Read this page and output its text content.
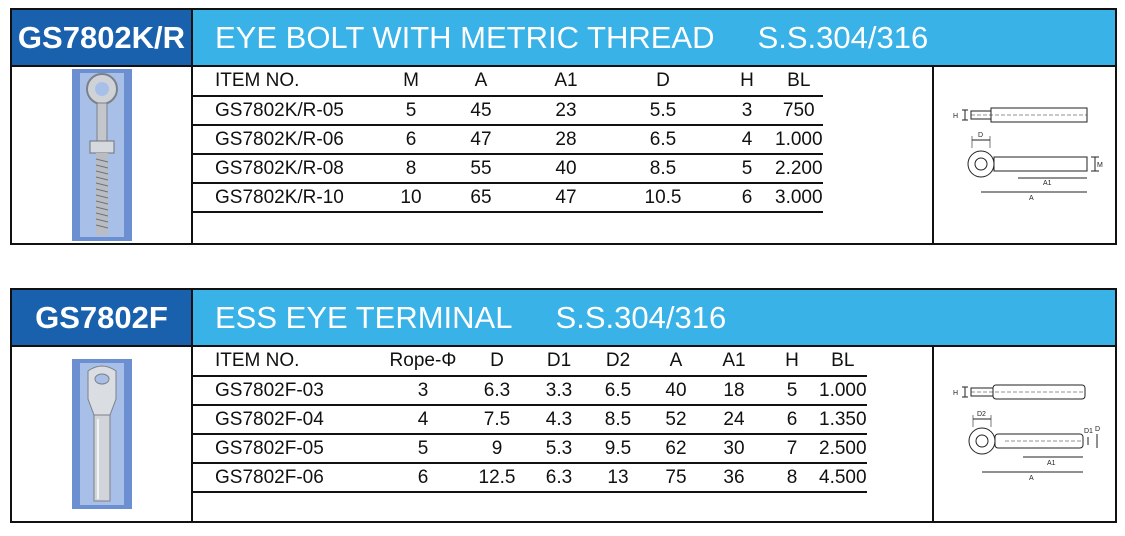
GS7802K/R EYE BOLT WITH METRIC THREAD
S.S.304/316
ITEM NO.	M	A	A1	D	H	BL
GS7802K/R-05	5	45	23	5.5	3	750
GS7802K/R-06	6	47	28	6.5	4	1.000
GS7802K/R-08	8	55	40	8.5	5	2.200
GS7802K/R-10	10	65	47	10.5	6	3.000
H
D
M
A1
A
GS7802F	ESS EYE TERMINAL
S.S.304/316
ITEM NO.	Rope-Φ	D	D1	D2	A	A1	H	BL
GS7802F-03	3	6.3	3.3	6.5	40	18	5	1.000
GS7802F-04	4	7.5	4.3	8.5	52	24	6	1.350
GS7802F-05	5	9	5.3	9.5	62	30	7	2.500
GS7802F-06	6	12.5	6.3	13	75	36	8	4.500
H
D2
D1 D
A1
A
